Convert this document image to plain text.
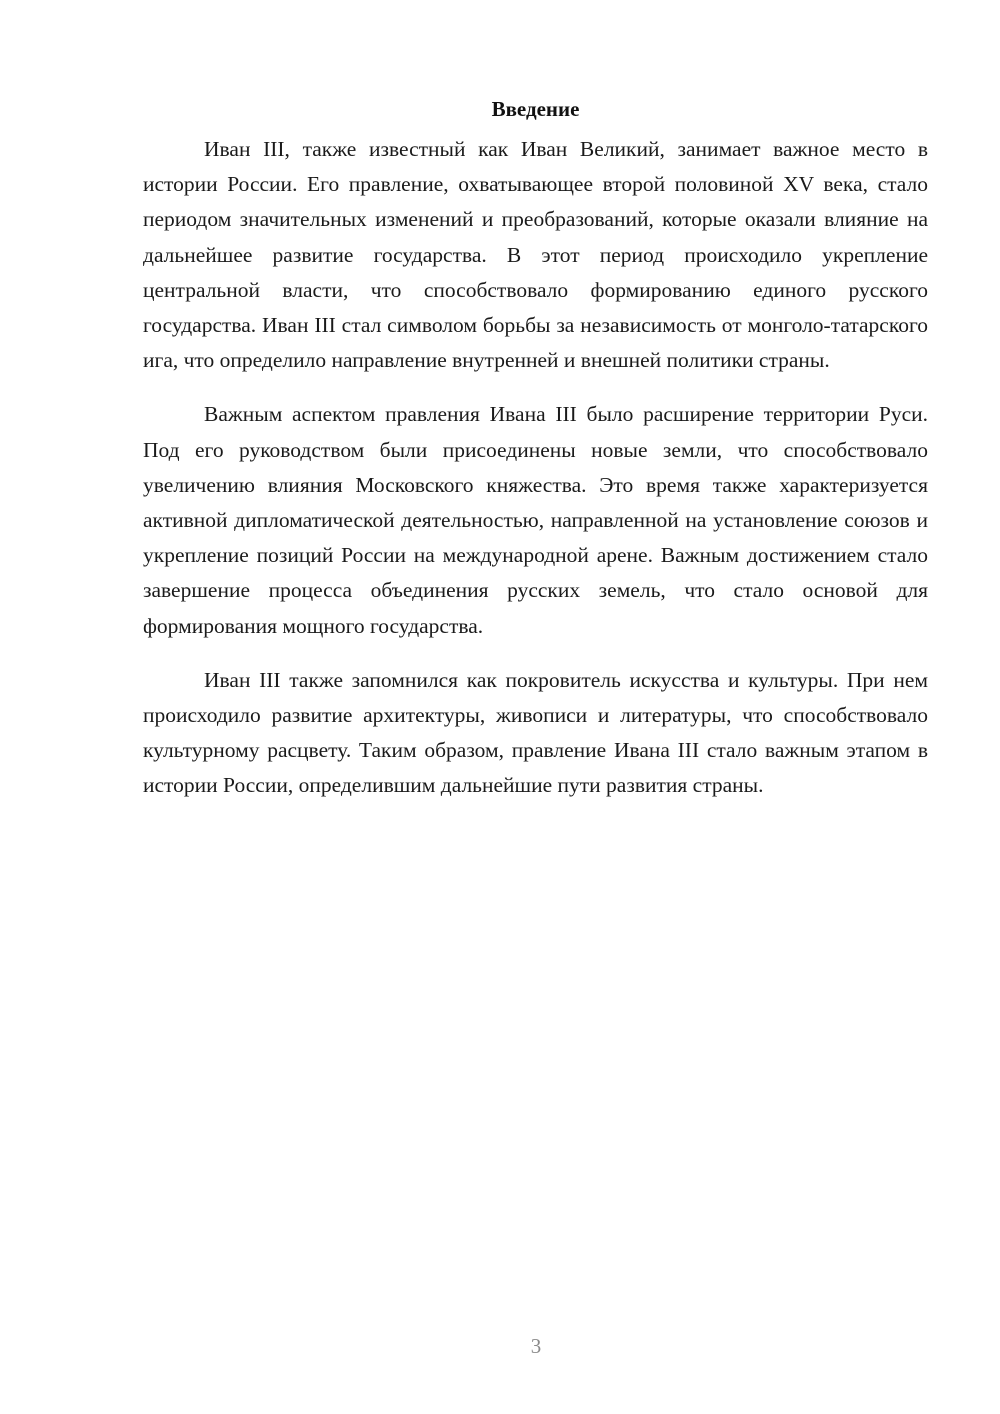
Введение

Иван III, также известный как Иван Великий, занимает важное место в истории России. Его правление, охватывающее второй половиной XV века, стало периодом значительных изменений и преобразований, которые оказали влияние на дальнейшее развитие государства. В этот период происходило укрепление центральной власти, что способствовало формированию единого русского государства. Иван III стал символом борьбы за независимость от монголо-татарского ига, что определило направление внутренней и внешней политики страны.

Важным аспектом правления Ивана III было расширение территории Руси. Под его руководством были присоединены новые земли, что способствовало увеличению влияния Московского княжества. Это время также характеризуется активной дипломатической деятельностью, направленной на установление союзов и укрепление позиций России на международной арене. Важным достижением стало завершение процесса объединения русских земель, что стало основой для формирования мощного государства.

Иван III также запомнился как покровитель искусства и культуры. При нем происходило развитие архитектуры, живописи и литературы, что способствовало культурному расцвету. Таким образом, правление Ивана III стало важным этапом в истории России, определившим дальнейшие пути развития страны.

3
